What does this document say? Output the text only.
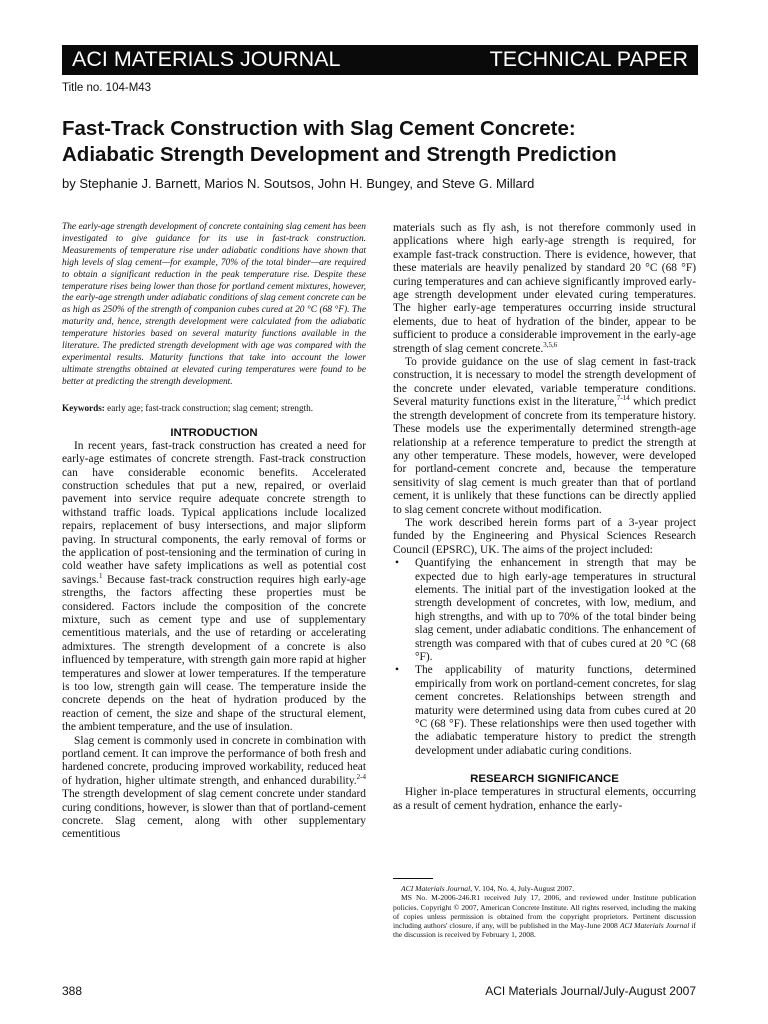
ACI MATERIALS JOURNAL	TECHNICAL PAPER
Title no. 104-M43
Fast-Track Construction with Slag Cement Concrete:
Adiabatic Strength Development and Strength Prediction
by Stephanie J. Barnett, Marios N. Soutsos, John H. Bungey, and Steve G. Millard

The early-age strength development of concrete containing slag cement has been investigated to give guidance for its use in fast-track construction. Measurements of temperature rise under adiabatic conditions have shown that high levels of slag cement—for example, 70% of the total binder—are required to obtain a significant reduction in the peak temperature rise. Despite these temperature rises being lower than those for portland cement mixtures, however, the early-age strength under adiabatic conditions of slag cement concrete can be as high as 250% of the strength of companion cubes cured at 20 °C (68 °F). The maturity and, hence, strength development were calculated from the adiabatic temperature histories based on several maturity functions available in the literature. The predicted strength development with age was compared with the experimental results. Maturity functions that take into account the lower ultimate strengths obtained at elevated curing temperatures were found to be better at predicting the strength development.

Keywords: early age; fast-track construction; slag cement; strength.

INTRODUCTION

In recent years, fast-track construction has created a need for early-age estimates of concrete strength. Fast-track construction can have considerable economic benefits. Accelerated construction schedules that put a new, repaired, or overlaid pavement into service require adequate concrete strength to withstand traffic loads. Typical applications include localized repairs, replacement of busy intersections, and major slipform paving. In structural components, the early removal of forms or the application of post-tensioning and the termination of curing in cold weather have safety implications as well as potential cost savings.$^1$ Because fast-track construction requires high early-age strengths, the factors affecting these properties must be considered. Factors include the composition of the concrete mixture, such as cement type and use of supplementary cementitious materials, and the use of retarding or accelerating admixtures. The strength development of a concrete is also influenced by temperature, with strength gain more rapid at higher temperatures and slower at lower temperatures. If the temperature is too low, strength gain will cease. The temperature inside the concrete depends on the heat of hydration produced by the reaction of cement, the size and shape of the structural element, the ambient temperature, and the use of insulation.

Slag cement is commonly used in concrete in combination with portland cement. It can improve the performance of both fresh and hardened concrete, producing improved workability, reduced heat of hydration, higher ultimate strength, and enhanced durability.$^{2-4}$ The strength development of slag cement concrete under standard curing conditions, however, is slower than that of portland-cement concrete. Slag cement, along with other supplementary cementitious

materials such as fly ash, is not therefore commonly used in applications where high early-age strength is required, for example fast-track construction. There is evidence, however, that these materials are heavily penalized by standard 20 °C (68 °F) curing temperatures and can achieve significantly improved early-age strength development under elevated curing temperatures. The higher early-age temperatures occurring inside structural elements, due to heat of hydration of the binder, appear to be sufficient to produce a considerable improvement in the early-age strength of slag cement concrete.$^{3,5,6}$

To provide guidance on the use of slag cement in fast-track construction, it is necessary to model the strength development of the concrete under elevated, variable temperature conditions. Several maturity functions exist in the literature,$^{7-14}$ which predict the strength development of concrete from its temperature history. These models use the experimentally determined strength-age relationship at a reference temperature to predict the strength at any other temperature. These models, however, were developed for portland-cement concrete and, because the temperature sensitivity of slag cement is much greater than that of portland cement, it is unlikely that these functions can be directly applied to slag cement concrete without modification.

The work described herein forms part of a 3-year project funded by the Engineering and Physical Sciences Research Council (EPSRC), UK. The aims of the project included:

• Quantifying the enhancement in strength that may be expected due to high early-age temperatures in structural elements. The initial part of the investigation looked at the strength development of concretes, with low, medium, and high strengths, and with up to 70% of the total binder being slag cement, under adiabatic conditions. The enhancement of strength was compared with that of cubes cured at 20 °C (68 °F).
• The applicability of maturity functions, determined empirically from work on portland-cement concretes, for slag cement concretes. Relationships between strength and maturity were determined using data from cubes cured at 20 °C (68 °F). These relationships were then used together with the adiabatic temperature history to predict the strength development under adiabatic curing conditions.
RESEARCH SIGNIFICANCE

Higher in-place temperatures in structural elements, occurring as a result of cement hydration, enhance the early-

ACI Materials Journal, V. 104, No. 4, July-August 2007.

MS No. M-2006-246.R1 received July 17, 2006, and reviewed under Institute publication policies. Copyright © 2007, American Concrete Institute. All rights reserved, including the making of copies unless permission is obtained from the copyright proprietors. Pertinent discussion including authors' closure, if any, will be published in the May-June 2008 ACI Materials Journal if the discussion is received by February 1, 2008.

388	ACI Materials Journal/July-August 2007
